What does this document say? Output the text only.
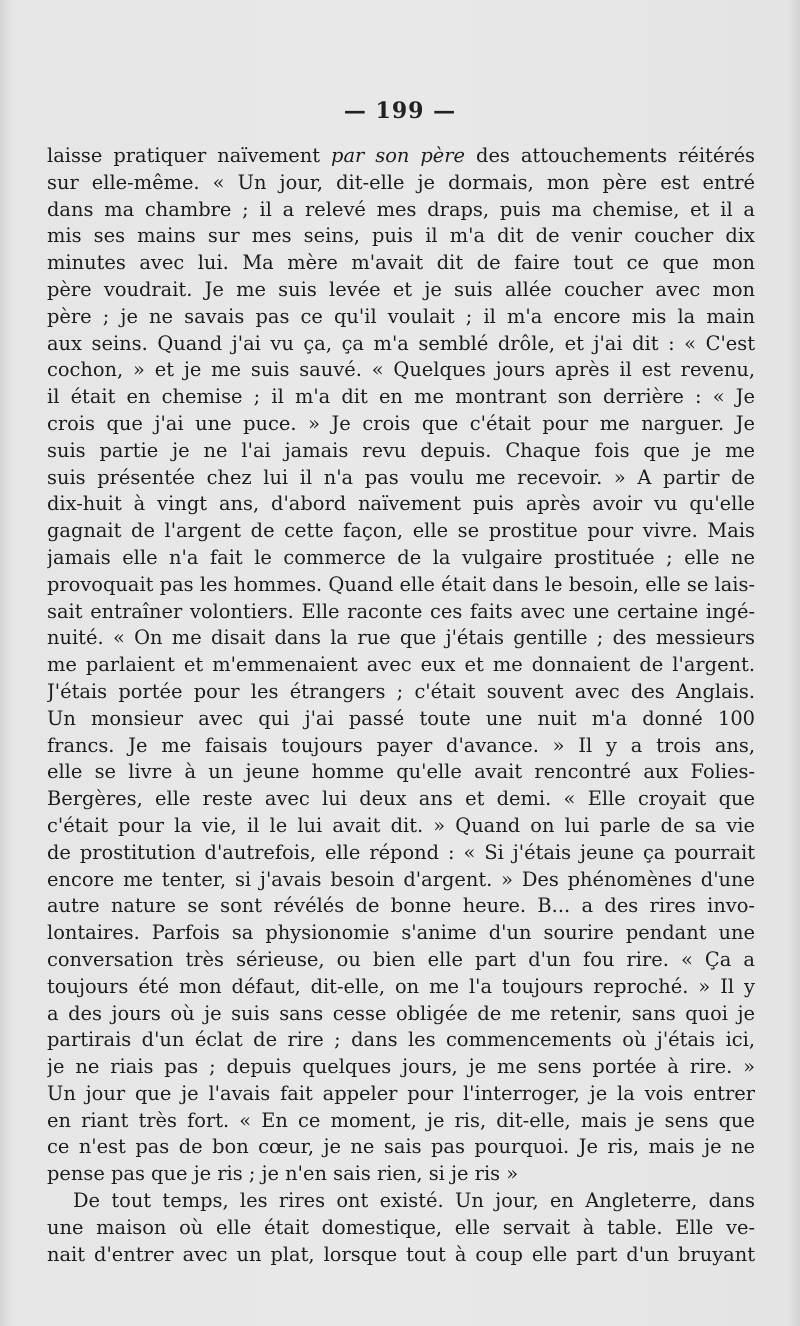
— 199 —
laisse pratiquer naïvement par son père des attouchements réitérés
sur elle-même. « Un jour, dit-elle je dormais, mon père est entré
dans ma chambre ; il a relevé mes draps, puis ma chemise, et il a
mis ses mains sur mes seins, puis il m'a dit de venir coucher dix
minutes avec lui. Ma mère m'avait dit de faire tout ce que mon
père voudrait. Je me suis levée et je suis allée coucher avec mon
père ; je ne savais pas ce qu'il voulait ; il m'a encore mis la main
aux seins. Quand j'ai vu ça, ça m'a semblé drôle, et j'ai dit : « C'est
cochon, » et je me suis sauvé. « Quelques jours après il est revenu,
il était en chemise ; il m'a dit en me montrant son derrière : « Je
crois que j'ai une puce. » Je crois que c'était pour me narguer. Je
suis partie je ne l'ai jamais revu depuis. Chaque fois que je me
suis présentée chez lui il n'a pas voulu me recevoir. » A partir de
dix-huit à vingt ans, d'abord naïvement puis après avoir vu qu'elle
gagnait de l'argent de cette façon, elle se prostitue pour vivre. Mais
jamais elle n'a fait le commerce de la vulgaire prostituée ; elle ne
provoquait pas les hommes. Quand elle était dans le besoin, elle se lais-
sait entraîner volontiers. Elle raconte ces faits avec une certaine ingé-
nuité. « On me disait dans la rue que j'étais gentille ; des messieurs
me parlaient et m'emmenaient avec eux et me donnaient de l'argent.
J'étais portée pour les étrangers ; c'était souvent avec des Anglais.
Un monsieur avec qui j'ai passé toute une nuit m'a donné 100
francs. Je me faisais toujours payer d'avance. » Il y a trois ans,
elle se livre à un jeune homme qu'elle avait rencontré aux Folies-
Bergères, elle reste avec lui deux ans et demi. « Elle croyait que
c'était pour la vie, il le lui avait dit. » Quand on lui parle de sa vie
de prostitution d'autrefois, elle répond : « Si j'étais jeune ça pourrait
encore me tenter, si j'avais besoin d'argent. » Des phénomènes d'une
autre nature se sont révélés de bonne heure. B... a des rires invo-
lontaires. Parfois sa physionomie s'anime d'un sourire pendant une
conversation très sérieuse, ou bien elle part d'un fou rire. « Ça a
toujours été mon défaut, dit-elle, on me l'a toujours reproché. » Il y
a des jours où je suis sans cesse obligée de me retenir, sans quoi je
partirais d'un éclat de rire ; dans les commencements où j'étais ici,
je ne riais pas ; depuis quelques jours, je me sens portée à rire. »
Un jour que je l'avais fait appeler pour l'interroger, je la vois entrer
en riant très fort. « En ce moment, je ris, dit-elle, mais je sens que
ce n'est pas de bon cœur, je ne sais pas pourquoi. Je ris, mais je ne
pense pas que je ris ; je n'en sais rien, si je ris »
De tout temps, les rires ont existé. Un jour, en Angleterre, dans
une maison où elle était domestique, elle servait à table. Elle ve-
nait d'entrer avec un plat, lorsque tout à coup elle part d'un bruyant
